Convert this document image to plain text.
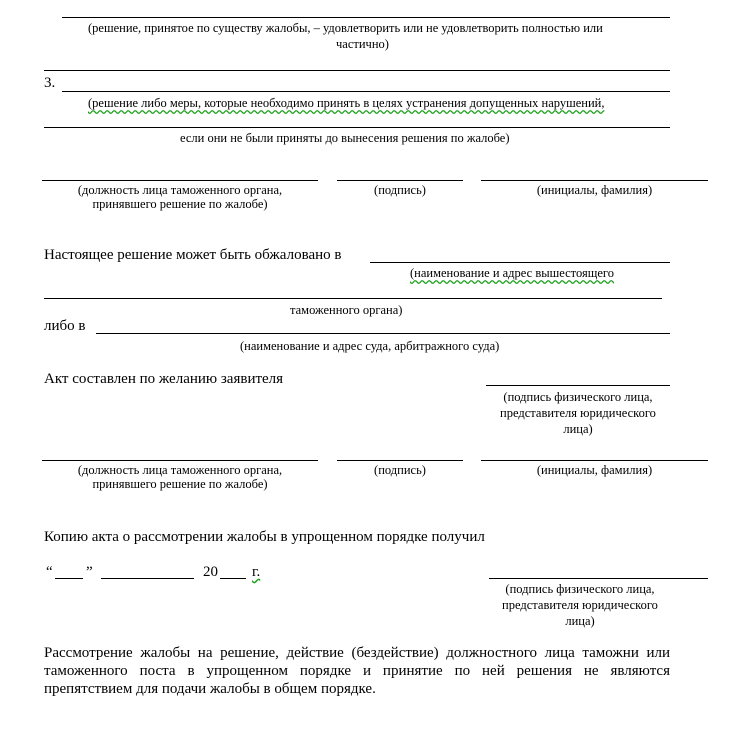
(решение, принятое по существу жалобы, – удовлетворить или не удовлетворить полностью или
частично)
3.
(решение либо меры, которые необходимо принять в целях устранения допущенных нарушений,
если они не были приняты до вынесения решения по жалобе)
(должность лица таможенного органа,
принявшего решение по жалобе)
(подпись)	(инициалы, фамилия)
Настоящее решение может быть обжаловано в
(наименование и адрес вышестоящего
таможенного органа)
либо в
(наименование и адрес суда, арбитражного суда)
Акт составлен по желанию заявителя
(подпись физического лица,
представителя юридического
лица)
(должность лица таможенного органа,
принявшего решение по жалобе)
(подпись)	(инициалы, фамилия)
Копию акта о рассмотрении жалобы в упрощенном порядке получил
“ ”	20 г.
(подпись физического лица,
представителя юридического
лица)
Рассмотрение жалобы на решение, действие (бездействие) должностного лица таможни или таможенного поста в упрощенном порядке и принятие по ней решения не являются препятствием для подачи жалобы в общем порядке.
